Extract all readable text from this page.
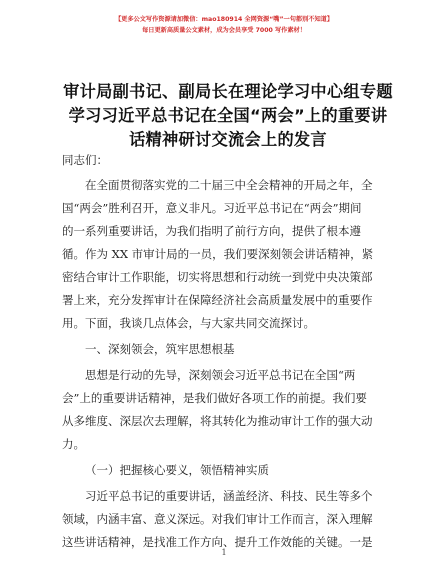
【更多公文写作资源请加微信：mao180914 全网资源“嘴”一句都别不知道】
每日更新高质量公文素材，成为会员享受 7000 写作素材！
审计局副书记、副局长在理论学习中心组专题
学习习近平总书记在全国“两会”上的重要讲
话精神研讨交流会上的发言

同志们：

在全面贯彻落实党的二十届三中全会精神的开局之年，全
国“两会”胜利召开，意义非凡。习近平总书记在“两会”期间
的一系列重要讲话，为我们指明了前行方向，提供了根本遵
循。作为 XX 市审计局的一员，我们要深刻领会讲话精神，紧
密结合审计工作职能，切实将思想和行动统一到党中央决策部
署上来，充分发挥审计在保障经济社会高质量发展中的重要作
用。下面，我谈几点体会，与大家共同交流探讨。
一、深刻领会，筑牢思想根基
思想是行动的先导，深刻领会习近平总书记在全国“两
会”上的重要讲话精神，是我们做好各项工作的前提。我们要
从多维度、深层次去理解，将其转化为推动审计工作的强大动
力。
（一）把握核心要义，领悟精神实质
习近平总书记的重要讲话，涵盖经济、科技、民生等多个
领域，内涵丰富、意义深远。对我们审计工作而言，深入理解
这些讲话精神，是找准工作方向、提升工作效能的关键。一是
1
